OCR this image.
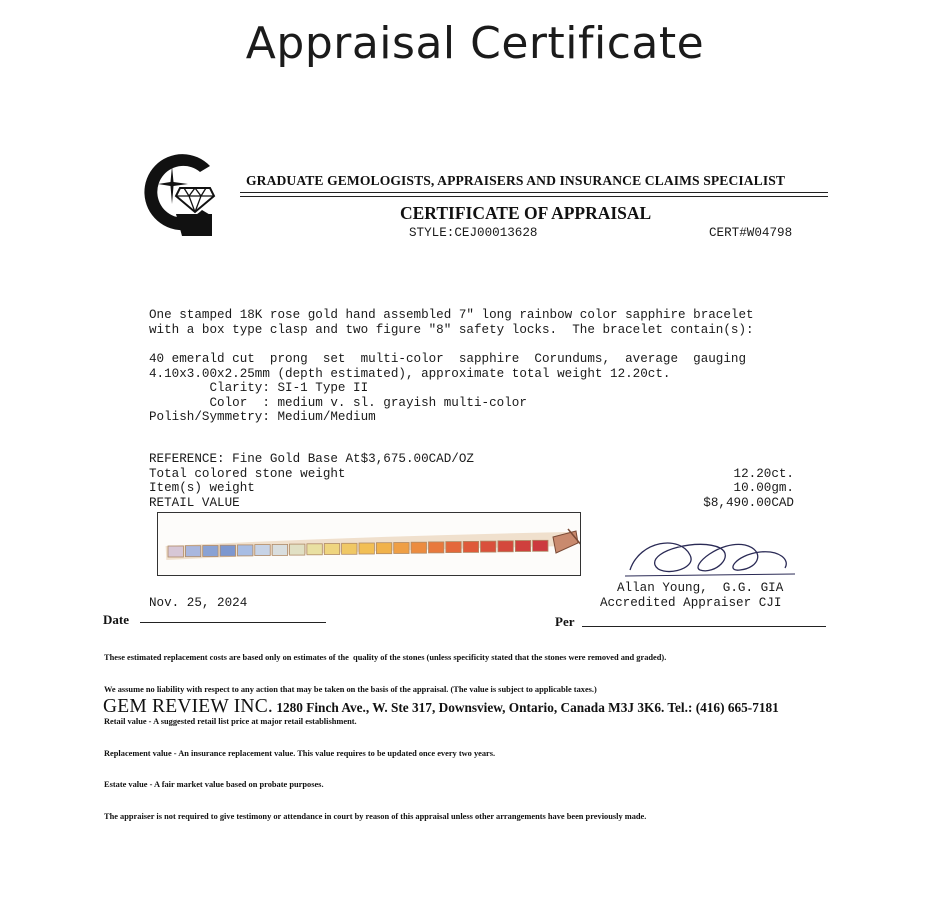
Appraisal Certificate
GRADUATE GEMOLOGISTS, APPRAISERS AND INSURANCE CLAIMS SPECIALIST
CERTIFICATE OF APPRAISAL
STYLE:CEJ00013628	CERT#W04798
One stamped 18K rose gold hand assembled 7" long rainbow color sapphire bracelet
with a box type clasp and two figure "8" safety locks.  The bracelet contain(s):
40 emerald cut  prong  set  multi-color  sapphire  Corundums,  average  gauging
4.10x3.00x2.25mm (depth estimated), approximate total weight 12.20ct.
Clarity: SI-1 Type II
Color  : medium v. sl. grayish multi-color
Polish/Symmetry: Medium/Medium
REFERENCE: Fine Gold Base At$3,675.00CAD/OZ
Total colored stone weight	12.20ct.
Item(s) weight	10.00gm.
RETAIL VALUE	$8,490.00CAD
Allan Young,  G.G. GIA
Accredited Appraiser CJI
Nov. 25, 2024
Date	Per

These estimated replacement costs are based only on estimates of the  quality of the stones (unless specificity stated that the stones were removed and graded).

We assume no liability with respect to any action that may be taken on the basis of the appraisal. (The value is subject to applicable taxes.)

Retail value - A suggested retail list price at major retail establishment.

Replacement value - An insurance replacement value. This value requires to be updated once every two years.

Estate value - A fair market value based on probate purposes.

The appraiser is not required to give testimony or attendance in court by reason of this appraisal unless other arrangements have been previously made.

GEM REVIEW INC. 1280 Finch Ave., W. Ste 317, Downsview, Ontario, Canada M3J 3K6. Tel.: (416) 665-7181
